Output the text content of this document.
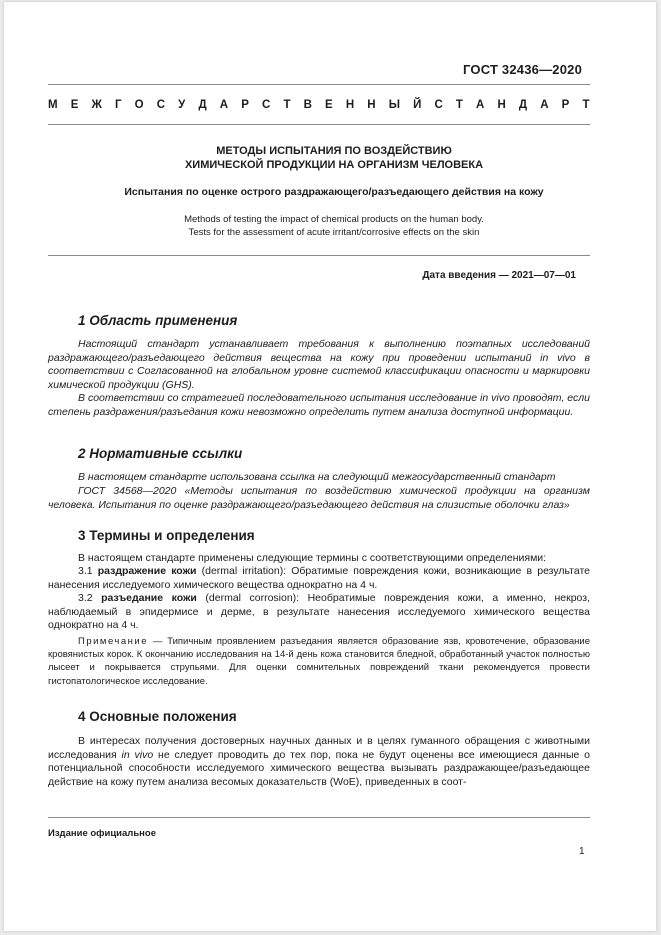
ГОСТ 32436—2020
М Е Ж Г О С У Д А Р С Т В Е Н Н Ы Й С Т А Н Д А Р Т
МЕТОДЫ ИСПЫТАНИЯ ПО ВОЗДЕЙСТВИЮ
ХИМИЧЕСКОЙ ПРОДУКЦИИ НА ОРГАНИЗМ ЧЕЛОВЕКА
Испытания по оценке острого раздражающего/разъедающего действия на кожу
Methods of testing the impact of chemical products on the human body.
Tests for the assessment of acute irritant/corrosive effects on the skin
Дата введения — 2021—07—01
1 Область применения
Настоящий стандарт устанавливает требования к выполнению поэтапных исследований раздражающего/разъедающего действия вещества на кожу при проведении испытаний in vivo в соответствии с Согласованной на глобальном уровне системой классификации опасности и маркировки химической продукции (GHS).
В соответствии со стратегией последовательного испытания исследование in vivo проводят, если степень раздражения/разъедания кожи невозможно определить путем анализа доступной информации.
2 Нормативные ссылки
В настоящем стандарте использована ссылка на следующий межгосударственный стандарт
ГОСТ 34568—2020 «Методы испытания по воздействию химической продукции на организм человека. Испытания по оценке раздражающего/разъедающего действия на слизистые оболочки глаз»
3 Термины и определения
В настоящем стандарте применены следующие термины с соответствующими определениями:
3.1 раздражение кожи (dermal irritation): Обратимые повреждения кожи, возникающие в результате нанесения исследуемого химического вещества однократно на 4 ч.
3.2 разъедание кожи (dermal corrosion): Необратимые повреждения кожи, а именно, некроз, наблюдаемый в эпидермисе и дерме, в результате нанесения исследуемого химического вещества однократно на 4 ч.
Примечание — Типичным проявлением разъедания является образование язв, кровотечение, образование кровянистых корок. К окончанию исследования на 14-й день кожа становится бледной, обработанный участок полностью лысеет и покрывается струпьями. Для оценки сомнительных повреждений ткани рекомендуется провести гистопатологическое исследование.
4 Основные положения
В интересах получения достоверных научных данных и в целях гуманного обращения с животными исследования in vivo не следует проводить до тех пор, пока не будут оценены все имеющиеся данные о потенциальной способности исследуемого химического вещества вызывать раздражающее/разъедающее действие на кожу путем анализа весомых доказательств (WoE), приведенных в соот-
Издание официальное
1
